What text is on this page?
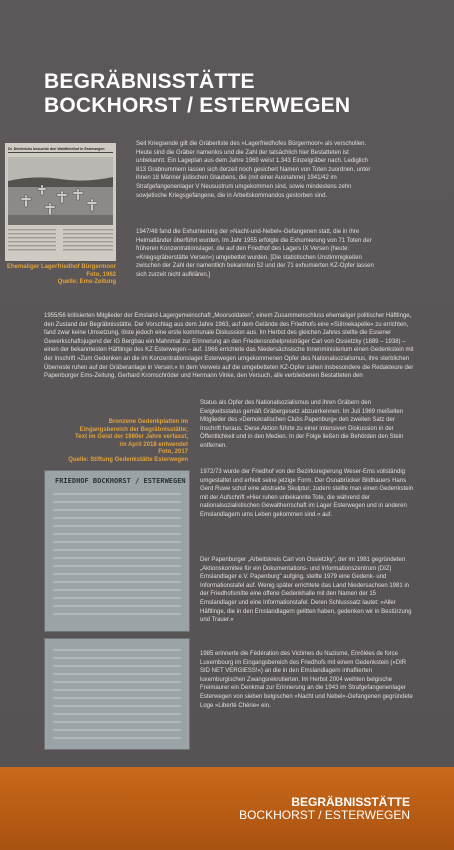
BEGRÄBNISSTÄTTE
BOCKHORST / ESTERWEGEN
Dr. Diederichs besuchte den Waldfriedhof in Esterwegen

Ehemaliger Lagerfriedhof Bürgermoor
Foto, 1962
Quelle: Ems-Zeitung

Seit Kriegsende gilt die Gräberliste des »Lagerfriedhofes Bürgermoor« als verschollen. Heute sind die Gräber namenlos und die Zahl der tatsächlich hier Bestatteten ist unbekannt. Ein Lageplan aus dem Jahre 1969 weist 1.343 Einzelgräber nach. Lediglich 813 Grabnummern lassen sich derzeit noch gesichert Namen von Toten zuordnen, unter ihnen 18 Männer jüdischen Glaubens, die (mit einer Ausnahme) 1941/42 im Strafgefangenenlager V Neusustrum umgekommen sind, sowie mindestens zehn sowjetische Kriegsgefangene, die in Arbeitskommandos gestorben sind.

1947/48 fand die Exhumierung der »Nacht-und-Nebel«-Gefangenen statt, die in ihre Heimatländer überführt wurden. Im Jahr 1955 erfolgte die Exhumierung von 71 Toten der früheren Konzentrationslager, die auf den Friedhof des Lagers IX Versen (heute: »Kriegsgräberstätte Versen«) umgebettet wurden. [Die statistischen Unstimmigkeiten zwischen der Zahl der namentlich bekannten 52 und der 71 exhumierten KZ-Opfer lassen sich zurzeit nicht aufklären.]

1955/56 kritisierten Mitglieder der Emsland-Lagergemeinschaft „Moorsoldaten", einem Zusammenschluss ehemaliger politischer Häftlinge, den Zustand der Begräbnisstätte. Der Vorschlag aus dem Jahre 1963, auf dem Gelände des Friedhofs eine »Sühnekapelle« zu errichten, fand zwar keine Umsetzung, löste jedoch eine erste kommunale Diskussion aus. Im Herbst des gleichen Jahres stellte die Essener Gewerkschaftsjugend der IG Bergbau ein Mahnmal zur Erinnerung an den Friedensnobelpreisträger Carl von Ossietzky (1889 – 1938) – einen der bekanntesten Häftlinge des KZ Esterwegen – auf. 1966 errichtete das Niedersächsische Innenministerium einen Gedenkstein mit der Inschrift »Zum Gedenken an die im Konzentrationslager Esterwegen umgekommenen Opfer des Nationalsozialismus, ihre sterblichen Überreste ruhen auf der Gräberanlage in Versen.« In dem Verweis auf die umgebetteten KZ-Opfer sahen insbesondere die Redakteure der Papenburger Ems-Zeitung, Gerhard Kromschröder und Hermann Vinke, den Versuch, alle verbliebenen Bestatteten den

Status als Opfer des Nationalsozialismus und ihren Gräbern den Ewigkeitsstatus gemäß Gräbergesetz abzuerkennen. Im Juli 1969 meißelten Mitglieder des »Demokratischen Clubs Papenburg« den zweiten Satz der Inschrift heraus. Diese Aktion führte zu einer intensiven Diskussion in der Öffentlichkeit und in den Medien. In der Folge ließen die Behörden den Stein entfernen.

Bronzene Gedenkplatten im
Eingangsbereich der Begräbnisstätte;
Text im Geist der 1980er Jahre verfasst,
im April 2018 entwendet
Foto, 2017
Quelle: Stiftung Gedenkstätte Esterwegen

FRIEDHOF BOCKHORST / ESTERWEGEN

1972/73 wurde der Friedhof von der Bezirksregierung Weser-Ems vollständig umgestaltet und erhielt seine jetzige Form. Der Osnabrücker Bildhauers Hans Gerd Ruwe schuf eine abstrakte Skulptur; zudem stellte man einen Gedenkstein mit der Aufschrift »Hier ruhen unbekannte Tote, die während der nationalsozialistischen Gewaltherrschaft im Lager Esterwegen und in anderen Emslandlagern ums Leben gekommen sind.« auf.

Der Papenburger „Arbeitskreis Carl von Ossietzky", der im 1981 gegründeten „Aktionskomitee für ein Dokumentations- und Informationszentrum (DIZ) Emslandlager e.V. Papenburg" aufging, stellte 1979 eine Gedenk- und Informationstafel auf. Wenig später errichtete das Land Niedersachsen 1981 in der Friedhofsmitte eine offene Gedenkhalle mit den Namen der 15 Emslandlager und eine Informationstafel. Deren Schlusssatz lautet: »Aller Häftlinge, die in den Emslandlagern gelitten haben, gedenken wir in Bestürzung und Trauer.«

1985 erinnerte die Fédération des Victimes du Nazisme, Enrôlées de force Luxembourg im Eingangsbereich des Friedhofs mit einem Gedenkstein (»DIR SID NET VERGIESS!«) an die in den Emslandlagern inhaftierten luxemburgischen Zwangsrekrutierten. Im Herbst 2004 weihten belgische Freimaurer ein Denkmal zur Erinnerung an die 1943 im Strafgefangenenlager Esterwegen von sieben belgischen »Nacht und Nebel«-Gefangenen gegründete Loge »Liberté Chérie« ein.

BEGRÄBNISSTÄTTE
BOCKHORST / ESTERWEGEN
